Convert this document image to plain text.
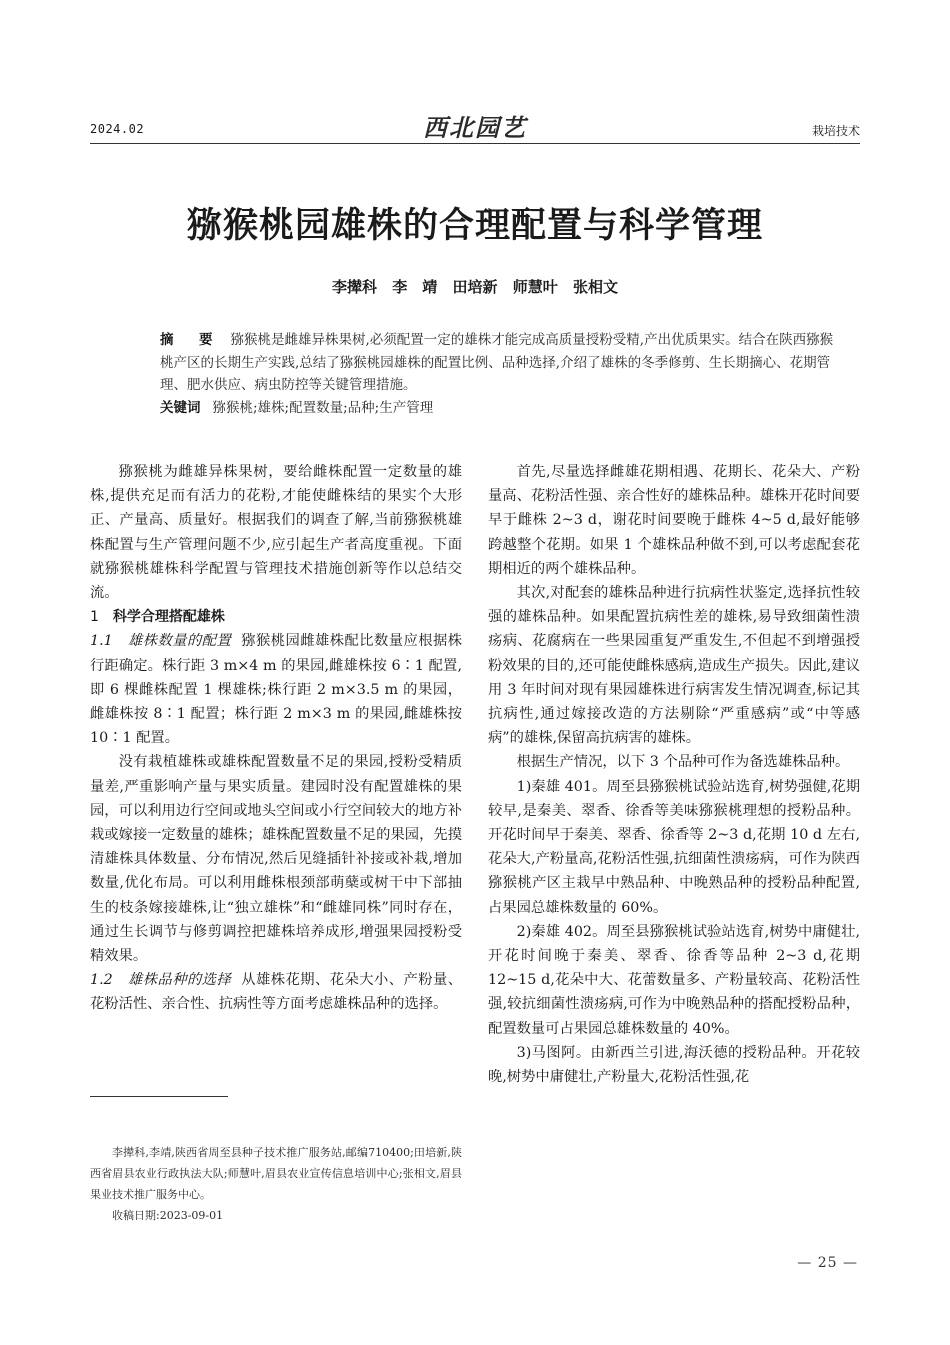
2024.02	西北园艺	栽培技术
猕猴桃园雄株的合理配置与科学管理
李撵科 李　靖 田培新 师慧叶 张相文
摘　要 猕猴桃是雌雄异株果树,必须配置一定的雄株才能完成高质量授粉受精,产出优质果实。结合在陕西猕猴桃产区的长期生产实践,总结了猕猴桃园雄株的配置比例、品种选择,介绍了雄株的冬季修剪、生长期摘心、花期管理、肥水供应、病虫防控等关键管理措施。
关键词 猕猴桃;雄株;配置数量;品种;生产管理

猕猴桃为雌雄异株果树，要给雌株配置一定数量的雄株,提供充足而有活力的花粉,才能使雌株结的果实个大形正、产量高、质量好。根据我们的调查了解,当前猕猴桃雄株配置与生产管理问题不少,应引起生产者高度重视。下面就猕猴桃雄株科学配置与管理技术措施创新等作以总结交流。

1 科学合理搭配雄株

1.1　雄株数量的配置 猕猴桃园雌雄株配比数量应根据株行距确定。株行距 3 m×4 m 的果园,雌雄株按 6∶1 配置,即 6 棵雌株配置 1 棵雄株;株行距 2 m×3.5 m 的果园，雌雄株按 8∶1 配置；株行距 2 m×3 m 的果园,雌雄株按 10∶1 配置。

没有栽植雄株或雄株配置数量不足的果园,授粉受精质量差,严重影响产量与果实质量。建园时没有配置雄株的果园，可以利用边行空间或地头空间或小行空间较大的地方补栽或嫁接一定数量的雄株；雄株配置数量不足的果园，先摸清雄株具体数量、分布情况,然后见缝插针补接或补栽,增加数量,优化布局。可以利用雌株根颈部萌蘖或树干中下部抽生的枝条嫁接雄株,让“独立雄株”和“雌雄同株”同时存在，通过生长调节与修剪调控把雄株培养成形,增强果园授粉受精效果。

1.2　雄株品种的选择 从雄株花期、花朵大小、产粉量、花粉活性、亲合性、抗病性等方面考虑雄株品种的选择。

李撵科,李靖,陕西省周至县种子技术推广服务站,邮编710400;田培新,陕西省眉县农业行政执法大队;师慧叶,眉县农业宣传信息培训中心;张相文,眉县果业技术推广服务中心。

收稿日期:2023-09-01

首先,尽量选择雌雄花期相遇、花期长、花朵大、产粉量高、花粉活性强、亲合性好的雄株品种。雄株开花时间要早于雌株 2~3 d，谢花时间要晚于雌株 4~5 d,最好能够跨越整个花期。如果 1 个雄株品种做不到,可以考虑配套花期相近的两个雄株品种。

其次,对配套的雄株品种进行抗病性状鉴定,选择抗性较强的雄株品种。如果配置抗病性差的雄株,易导致细菌性溃疡病、花腐病在一些果园重复严重发生,不但起不到增强授粉效果的目的,还可能使雌株感病,造成生产损失。因此,建议用 3 年时间对现有果园雄株进行病害发生情况调查,标记其抗病性,通过嫁接改造的方法剔除“严重感病”或“中等感病”的雄株,保留高抗病害的雄株。

根据生产情况，以下 3 个品种可作为备选雄株品种。

1)秦雄 401。周至县猕猴桃试验站选育,树势强健,花期较早,是秦美、翠香、徐香等美味猕猴桃理想的授粉品种。开花时间早于秦美、翠香、徐香等 2~3 d,花期 10 d 左右,花朵大,产粉量高,花粉活性强,抗细菌性溃疡病，可作为陕西猕猴桃产区主栽早中熟品种、中晚熟品种的授粉品种配置,占果园总雄株数量的 60%。

2)秦雄 402。周至县猕猴桃试验站选育,树势中庸健壮,开花时间晚于秦美、翠香、徐香等品种 2~3 d,花期 12~15 d,花朵中大、花蕾数量多、产粉量较高、花粉活性强,较抗细菌性溃疡病,可作为中晚熟品种的搭配授粉品种，配置数量可占果园总雄株数量的 40%。

3)马图阿。由新西兰引进,海沃德的授粉品种。开花较晚,树势中庸健壮,产粉量大,花粉活性强,花

— 25 —
